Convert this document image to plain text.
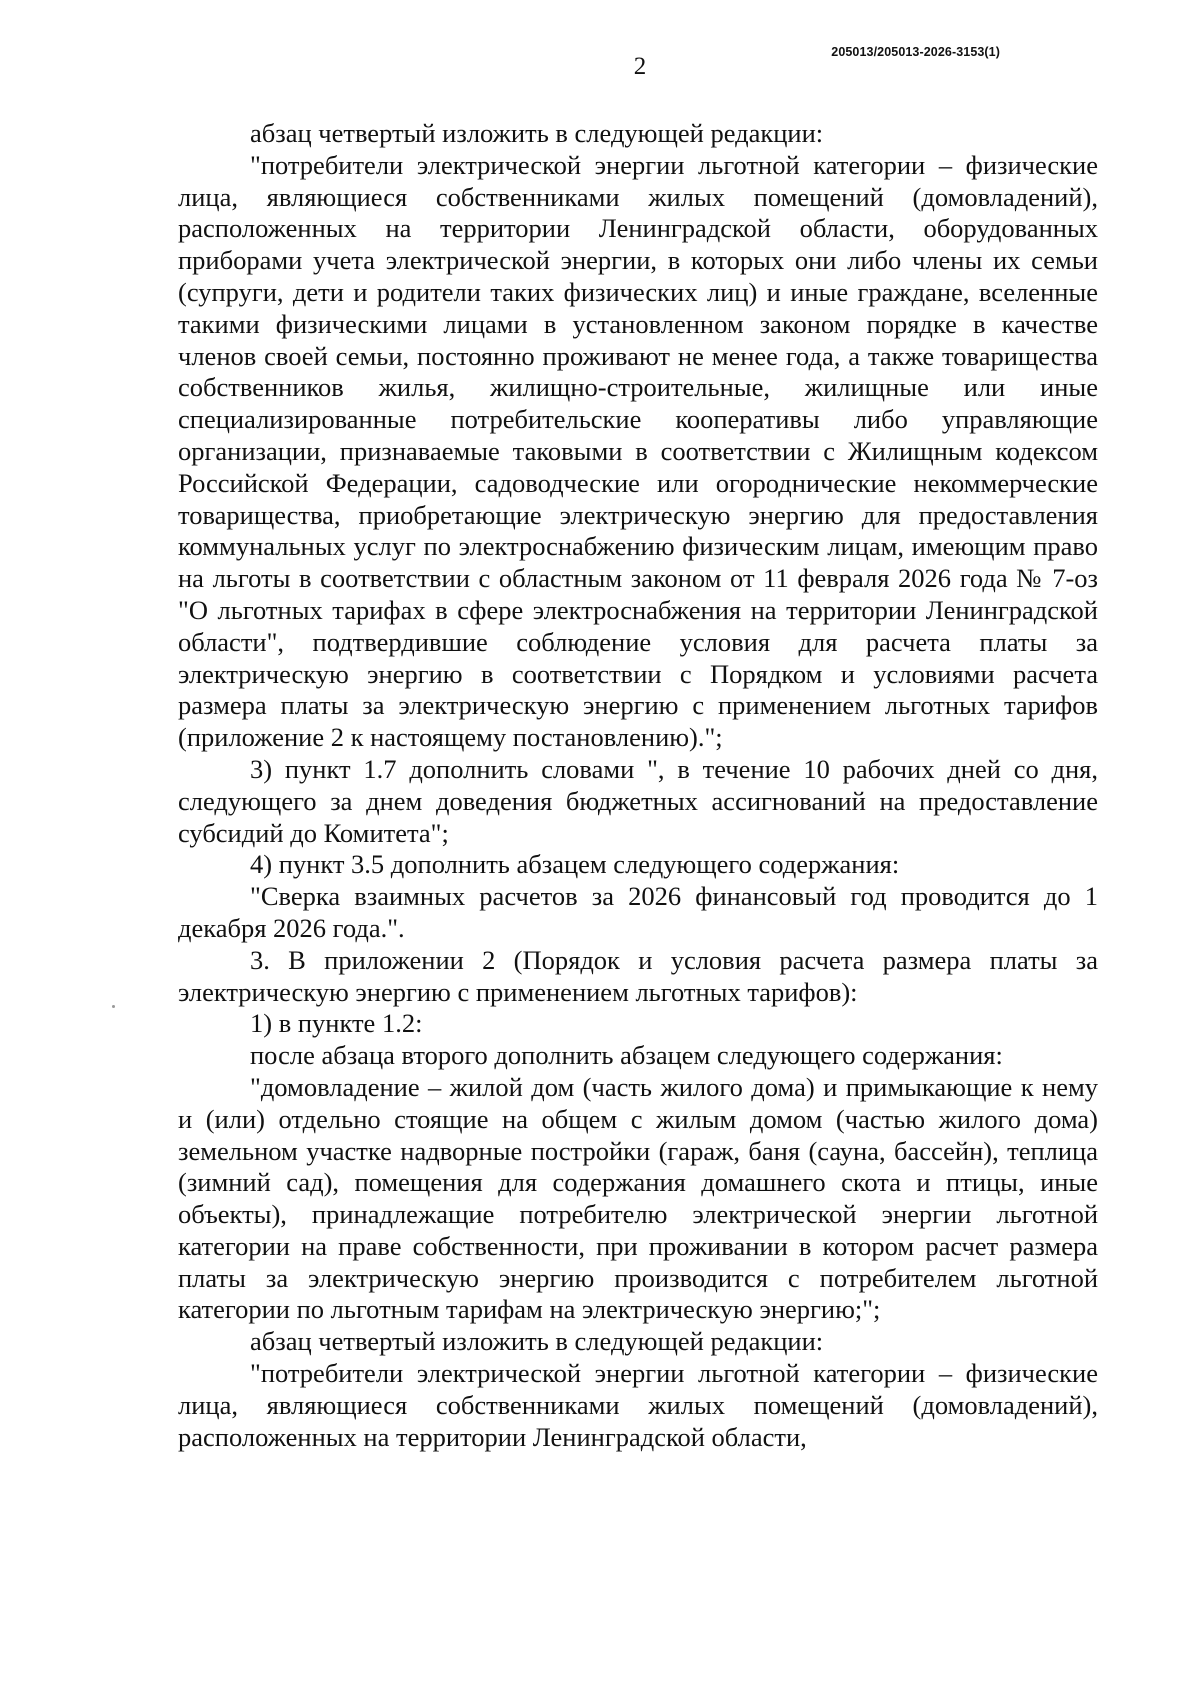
2
205013/205013-2026-3153(1)

абзац четвертый изложить в следующей редакции:

"потребители электрической энергии льготной категории – физические лица, являющиеся собственниками жилых помещений (домовладений), расположенных на территории Ленинградской области, оборудованных приборами учета электрической энергии, в которых они либо члены их семьи (супруги, дети и родители таких физических лиц) и иные граждане, вселенные такими физическими лицами в установленном законом порядке в качестве членов своей семьи, постоянно проживают не менее года, а также товарищества собственников жилья, жилищно-строительные, жилищные или иные специализированные потребительские кооперативы либо управляющие организации, признаваемые таковыми в соответствии с Жилищным кодексом Российской Федерации, садоводческие или огороднические некоммерческие товарищества, приобретающие электрическую энергию для предоставления коммунальных услуг по электроснабжению физическим лицам, имеющим право на льготы в соответствии с областным законом от 11 февраля 2026 года № 7-оз "О льготных тарифах в сфере электроснабжения на территории Ленинградской области", подтвердившие соблюдение условия для расчета платы за электрическую энергию в соответствии с Порядком и условиями расчета размера платы за электрическую энергию с применением льготных тарифов (приложение 2 к настоящему постановлению).";

3) пункт 1.7 дополнить словами ", в течение 10 рабочих дней со дня, следующего за днем доведения бюджетных ассигнований на предоставление субсидий до Комитета";

4) пункт 3.5 дополнить абзацем следующего содержания:

"Сверка взаимных расчетов за 2026 финансовый год проводится до 1 декабря 2026 года.".

3. В приложении 2 (Порядок и условия расчета размера платы за электрическую энергию с применением льготных тарифов):

1) в пункте 1.2:

после абзаца второго дополнить абзацем следующего содержания:

"домовладение – жилой дом (часть жилого дома) и примыкающие к нему и (или) отдельно стоящие на общем с жилым домом (частью жилого дома) земельном участке надворные постройки (гараж, баня (сауна, бассейн), теплица (зимний сад), помещения для содержания домашнего скота и птицы, иные объекты), принадлежащие потребителю электрической энергии льготной категории на праве собственности, при проживании в котором расчет размера платы за электрическую энергию производится с потребителем льготной категории по льготным тарифам на электрическую энергию;";

абзац четвертый изложить в следующей редакции:

"потребители электрической энергии льготной категории – физические лица, являющиеся собственниками жилых помещений (домовладений), расположенных на территории Ленинградской области,
